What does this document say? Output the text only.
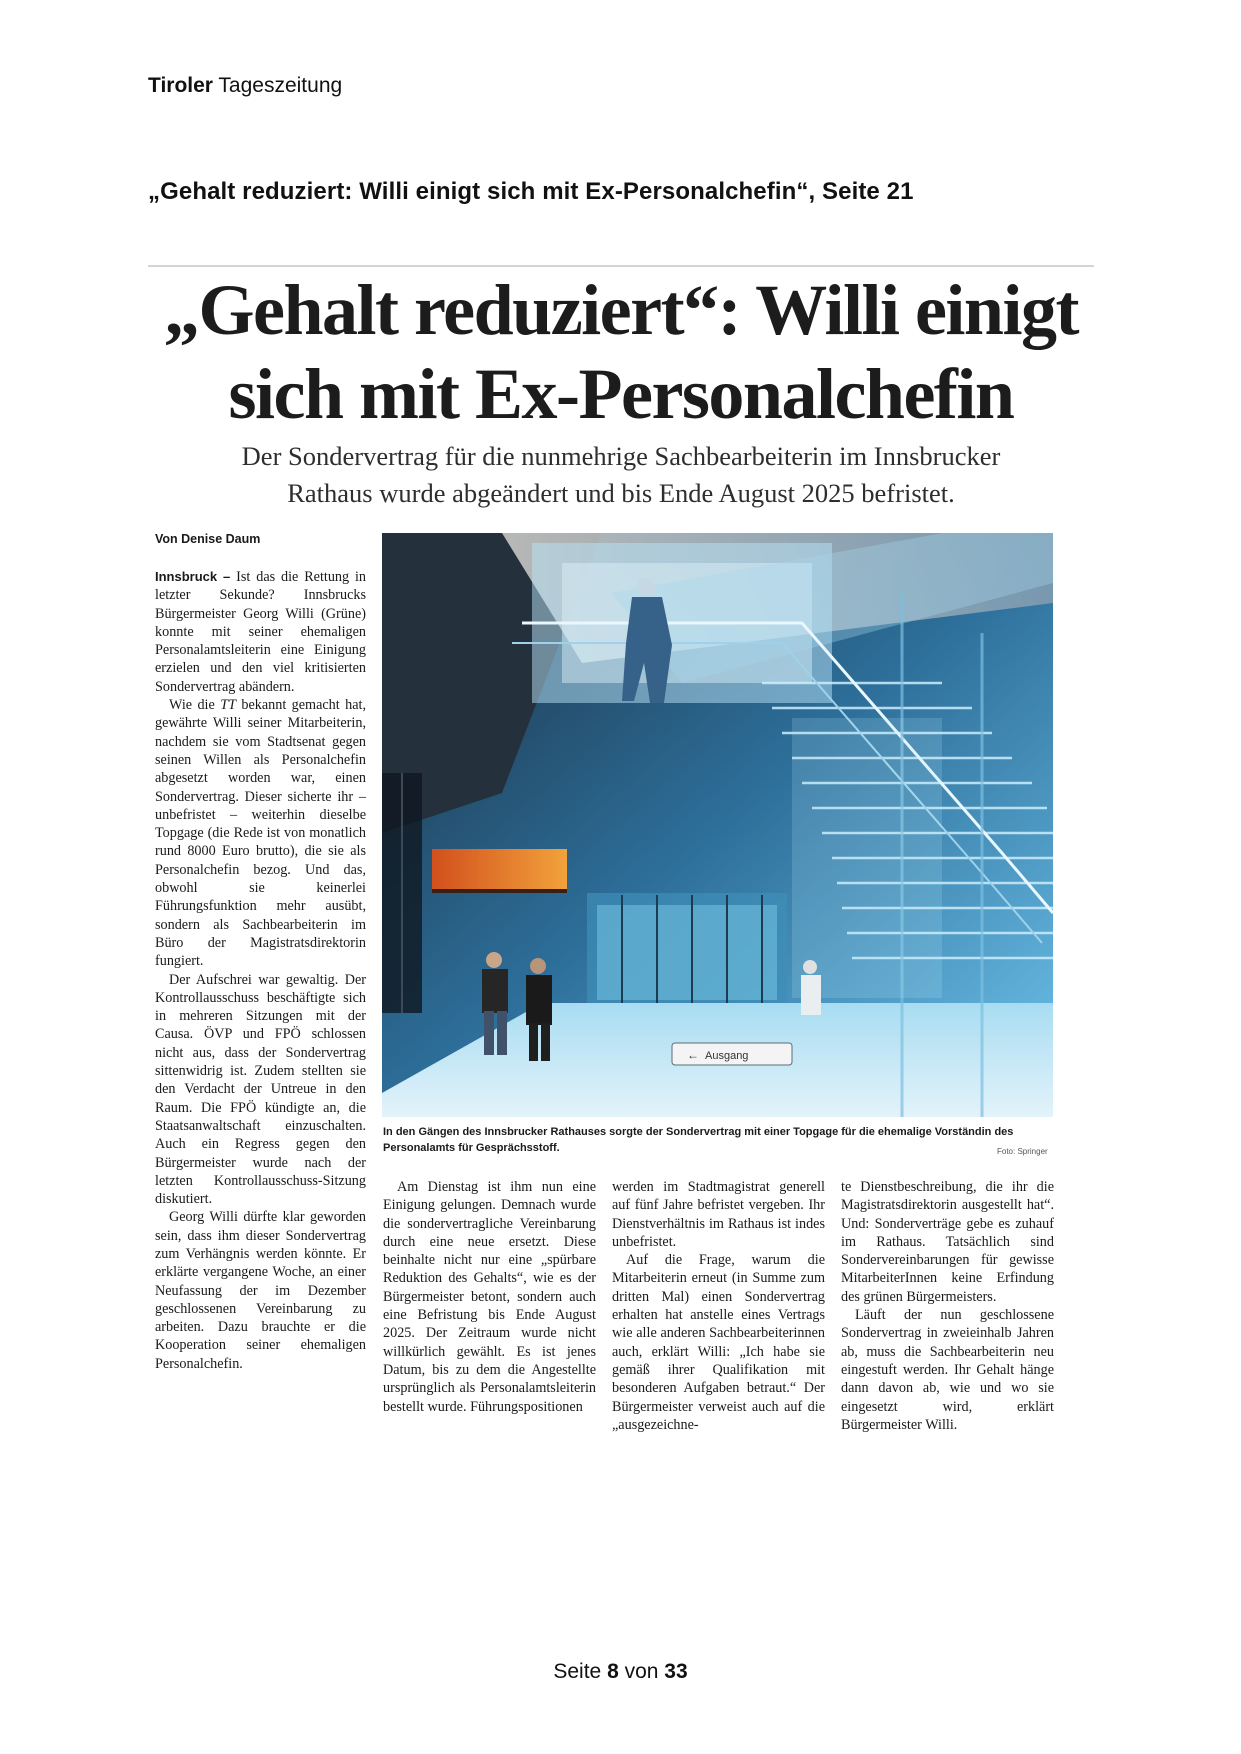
Tiroler Tageszeitung
„Gehalt reduziert: Willi einigt sich mit Ex-Personalchefin“, Seite 21
„Gehalt reduziert“: Willi einigt
sich mit Ex-Personalchefin
Der Sondervertrag für die nunmehrige Sachbearbeiterin im Innsbrucker
Rathaus wurde abgeändert und bis Ende August 2025 befristet.
Von Denise Daum

Innsbruck – Ist das die Rettung in letzter Sekunde? Innsbrucks Bürgermeister Georg Willi (Grüne) konnte mit seiner ehemaligen Personalamtsleiterin eine Einigung erzielen und den viel kritisierten Sondervertrag abändern.

Wie die TT bekannt gemacht hat, gewährte Willi seiner Mitarbeiterin, nachdem sie vom Stadtsenat gegen seinen Willen als Personalchefin abgesetzt worden war, einen Sondervertrag. Dieser sicherte ihr – unbefristet – weiterhin dieselbe Topgage (die Rede ist von monatlich rund 8000 Euro brutto), die sie als Personalchefin bezog. Und das, obwohl sie keinerlei Führungsfunktion mehr ausübt, sondern als Sachbearbeiterin im Büro der Magistratsdirektorin fungiert.

Der Aufschrei war gewaltig. Der Kontrollausschuss beschäftigte sich in mehreren Sitzungen mit der Causa. ÖVP und FPÖ schlossen nicht aus, dass der Sondervertrag sittenwidrig ist. Zudem stellten sie den Verdacht der Untreue in den Raum. Die FPÖ kündigte an, die Staatsanwaltschaft einzuschalten. Auch ein Regress gegen den Bürgermeister wurde nach der letzten Kontrollausschuss-Sitzung diskutiert.

Georg Willi dürfte klar geworden sein, dass ihm dieser Sondervertrag zum Verhängnis werden könnte. Er erklärte vergangene Woche, an einer Neufassung der im Dezember geschlossenen Vereinbarung zu arbeiten. Dazu brauchte er die Kooperation seiner ehemaligen Personalchefin.

← Ausgang
In den Gängen des Innsbrucker Rathauses sorgte der Sondervertrag mit einer Topgage für die ehemalige Vorständin des Personalamts für Gesprächsstoff.	Foto: Springer

Am Dienstag ist ihm nun eine Einigung gelungen. Demnach wurde die sondervertragliche Vereinbarung durch eine neue ersetzt. Diese beinhalte nicht nur eine „spürbare Reduktion des Gehalts“, wie es der Bürgermeister betont, sondern auch eine Befristung bis Ende August 2025. Der Zeitraum wurde nicht willkürlich gewählt. Es ist jenes Datum, bis zu dem die Angestellte ursprünglich als Personalamtsleiterin bestellt wurde. Führungspositionen

werden im Stadtmagistrat generell auf fünf Jahre befristet vergeben. Ihr Dienstverhältnis im Rathaus ist indes unbefristet.

Auf die Frage, warum die Mitarbeiterin erneut (in Summe zum dritten Mal) einen Sondervertrag erhalten hat anstelle eines Vertrags wie alle anderen Sachbearbeiterinnen auch, erklärt Willi: „Ich habe sie gemäß ihrer Qualifikation mit besonderen Aufgaben betraut.“ Der Bürgermeister verweist auch auf die „ausgezeichne-

te Dienstbeschreibung, die ihr die Magistratsdirektorin ausgestellt hat“. Und: Sonderverträge gebe es zuhauf im Rathaus. Tatsächlich sind Sondervereinbarungen für gewisse MitarbeiterInnen keine Erfindung des grünen Bürgermeisters.

Läuft der nun geschlossene Sondervertrag in zweieinhalb Jahren ab, muss die Sachbearbeiterin neu eingestuft werden. Ihr Gehalt hänge dann davon ab, wie und wo sie eingesetzt wird, erklärt Bürgermeister Willi.

Seite 8 von 33
